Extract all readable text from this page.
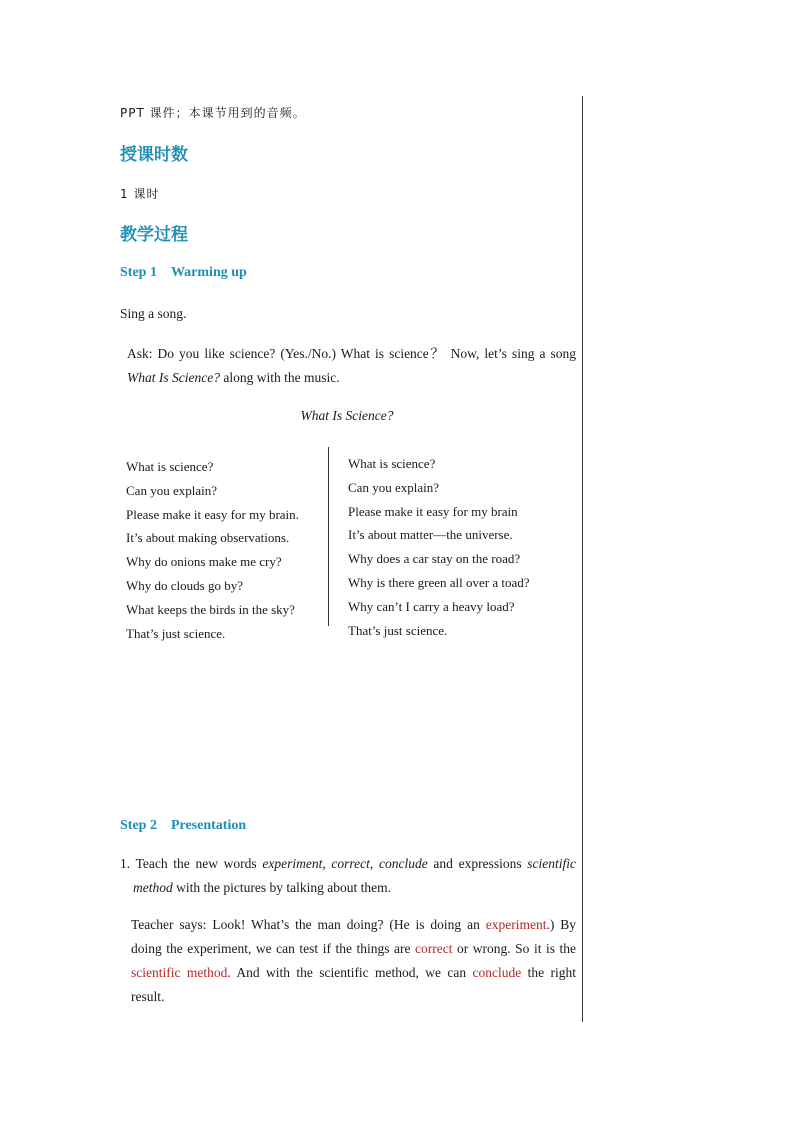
PPT 课件；本课节用到的音频。
授课时数
1 课时
教学过程
Step 1 Warming up
Sing a song.
Ask: Do you like science? (Yes./No.) What is science？ Now, let’s sing a song
What Is Science? along with the music.
What Is Science?
What is science?
Can you explain?
Please make it easy for my brain.
It’s about making observations.
Why do onions make me cry?
Why do clouds go by?
What keeps the birds in the sky?
That’s just science.
What is science?
Can you explain?
Please make it easy for my brain
It’s about matter—the universe.
Why does a car stay on the road?
Why is there green all over a toad?
Why can’t I carry a heavy load?
That’s just science.
Step 2 Presentation
1. Teach the new words experiment, correct, conclude and expressions scientific
method with the pictures by talking about them.
Teacher says: Look! What’s the man doing? (He is doing an experiment.) By doing the experiment, we can test if the things are correct or wrong. So it is the scientific method. And with the scientific method, we can conclude the right result.
